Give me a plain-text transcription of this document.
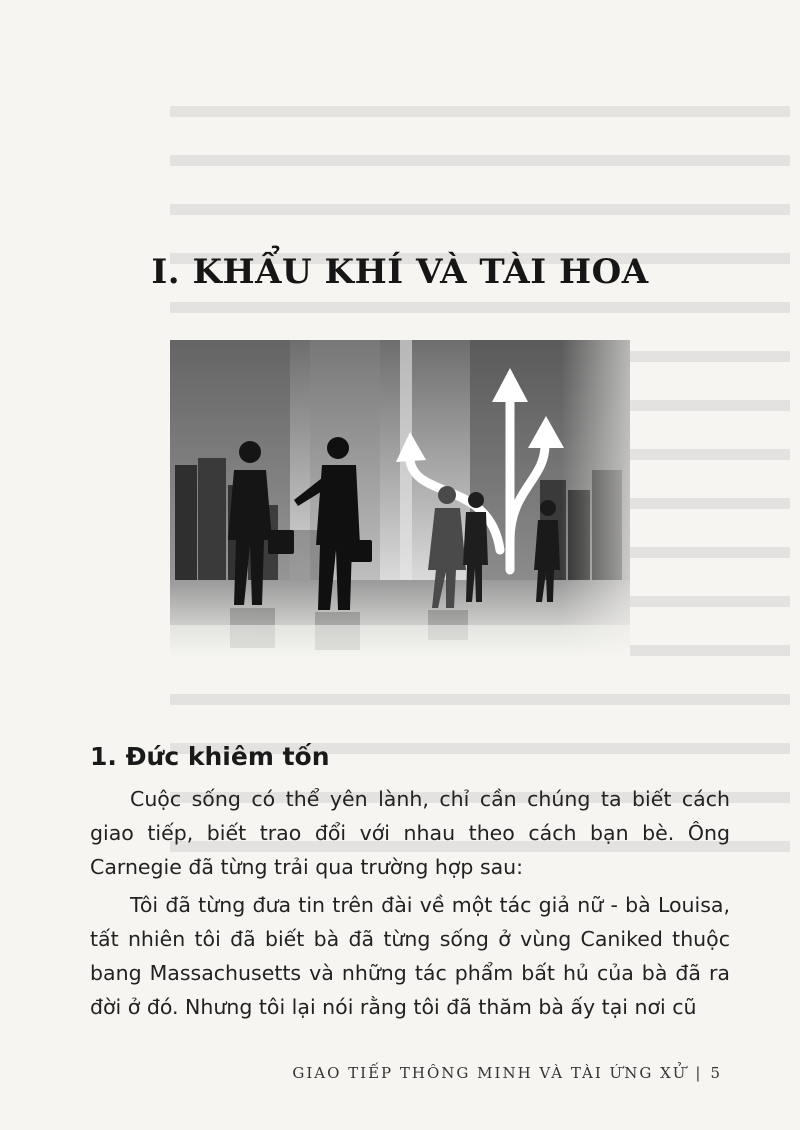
I. KHẨU KHÍ VÀ TÀI HOA
1. Đức khiêm tốn

Cuộc sống có thể yên lành, chỉ cần chúng ta biết cách giao tiếp, biết trao đổi với nhau theo cách bạn bè. Ông Carnegie đã từng trải qua trường hợp sau:

Tôi đã từng đưa tin trên đài về một tác giả nữ - bà Louisa, tất nhiên tôi đã biết bà đã từng sống ở vùng Caniked thuộc bang Massachusetts và những tác phẩm bất hủ của bà đã ra đời ở đó. Nhưng tôi lại nói rằng tôi đã thăm bà ấy tại nơi cũ

GIAO TIẾP THÔNG MINH VÀ TÀI ỨNG XỬ | 5
